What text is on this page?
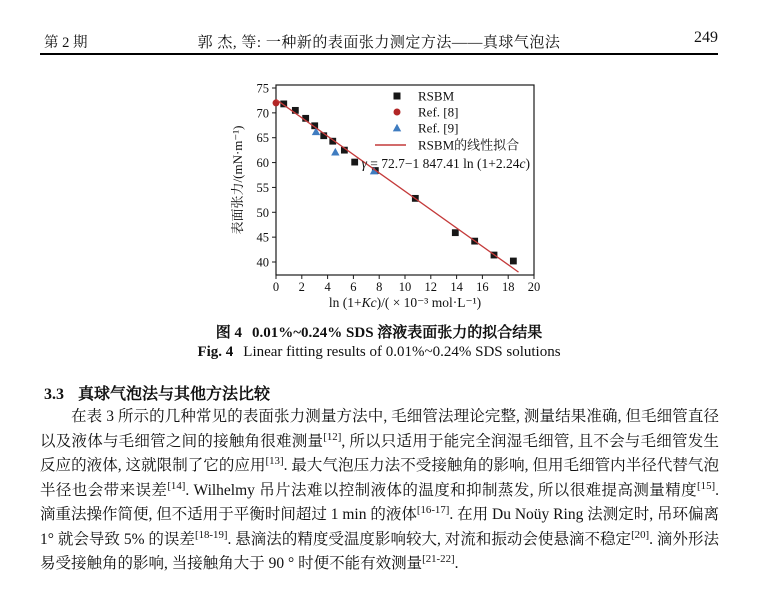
第 2 期	郭 杰, 等: 一种新的表面张力测定方法——真球气泡法	249
0 2 4 6 8 10 12 14 16 18 20
ln (1+Kc)/( × 10⁻³ mol·L⁻¹)
40
45
50
55
60
65
70
75
表面张力/(mN·m⁻¹)	γ = 72.7−1 847.41 ln (1+2.24c)
RSBM
Ref. [8]
Ref. [9]
RSBM的线性拟合
图 4 0.01%~0.24% SDS 溶液表面张力的拟合结果
Fig. 4 Linear fitting results of 0.01%~0.24% SDS solutions
3.3 真球气泡法与其他方法比较

在表 3 所示的几种常见的表面张力测量方法中, 毛细管法理论完整, 测量结果准确, 但毛细管直径以及液体与毛细管之间的接触角很难测量[12], 所以只适用于能完全润湿毛细管, 且不会与毛细管发生反应的液体, 这就限制了它的应用[13]. 最大气泡压力法不受接触角的影响, 但用毛细管内半径代替气泡半径也会带来误差[14]. Wilhelmy 吊片法难以控制液体的温度和抑制蒸发, 所以很难提高测量精度[15]. 滴重法操作简便, 但不适用于平衡时间超过 1 min 的液体[16-17]. 在用 Du Noüy Ring 法测定时, 吊环偏离 1° 就会导致 5% 的误差[18-19]. 悬滴法的精度受温度影响较大, 对流和振动会使悬滴不稳定[20]. 滴外形法易受接触角的影响, 当接触角大于 90 ° 时便不能有效测量[21-22].
